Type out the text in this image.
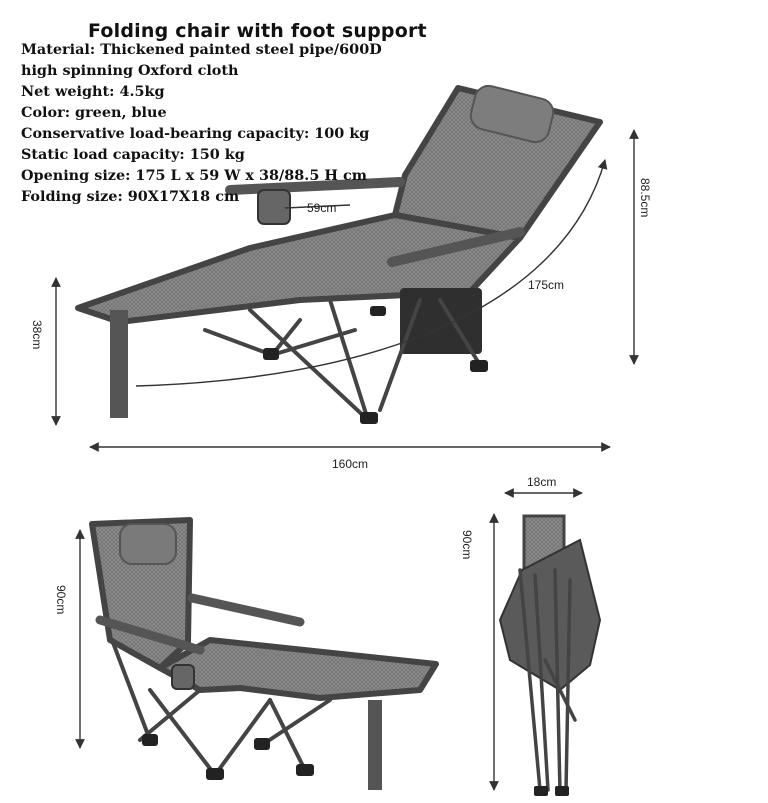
Folding chair with foot support
Material: Thickened painted steel pipe/600D
high spinning Oxford cloth
Net weight: 4.5kg
Color: green, blue
Conservative load-bearing capacity: 100 kg
Static load capacity: 150 kg
Opening size: 175 L x 59 W x 38/88.5 H cm
Folding size: 90X17X18 cm	88.5cm
38cm
160cm
175cm
59cm
90cm
90cm
18cm
